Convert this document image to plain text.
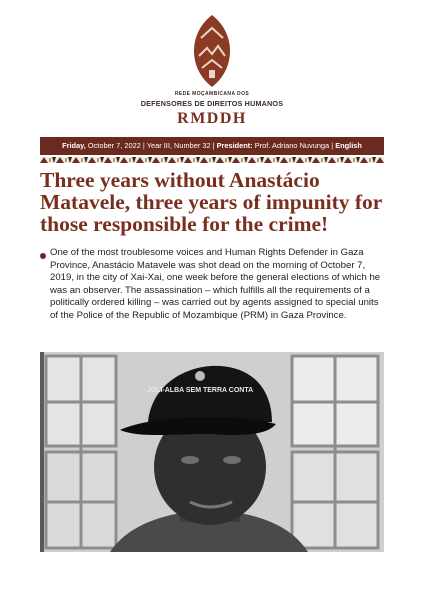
REDE MOÇAMBICANA DOS
DEFENSORES DE DIREITOS HUMANOS
RMDDH
Friday, October 7, 2022 | Year III, Number 32 | President: Prof. Adriano Nuvunga | English
Three years without Anastácio Matavele, three years of impunity for those responsible for the crime!

One of the most troublesome voices and Human Rights Defender in Gaza Province, Anastácio Matavele was shot dead on the morning of October 7, 2019, in the city of Xai-Xai, one week before the general elections of which he was an observer. The assassination – which fulfills all the requirements of a politically ordered killing – was carried out by agents assigned to special units of the Police of the Republic of Mozambique (PRM) in Gaza Province.

JOLI-ALBA SEM TERRA CONTA
